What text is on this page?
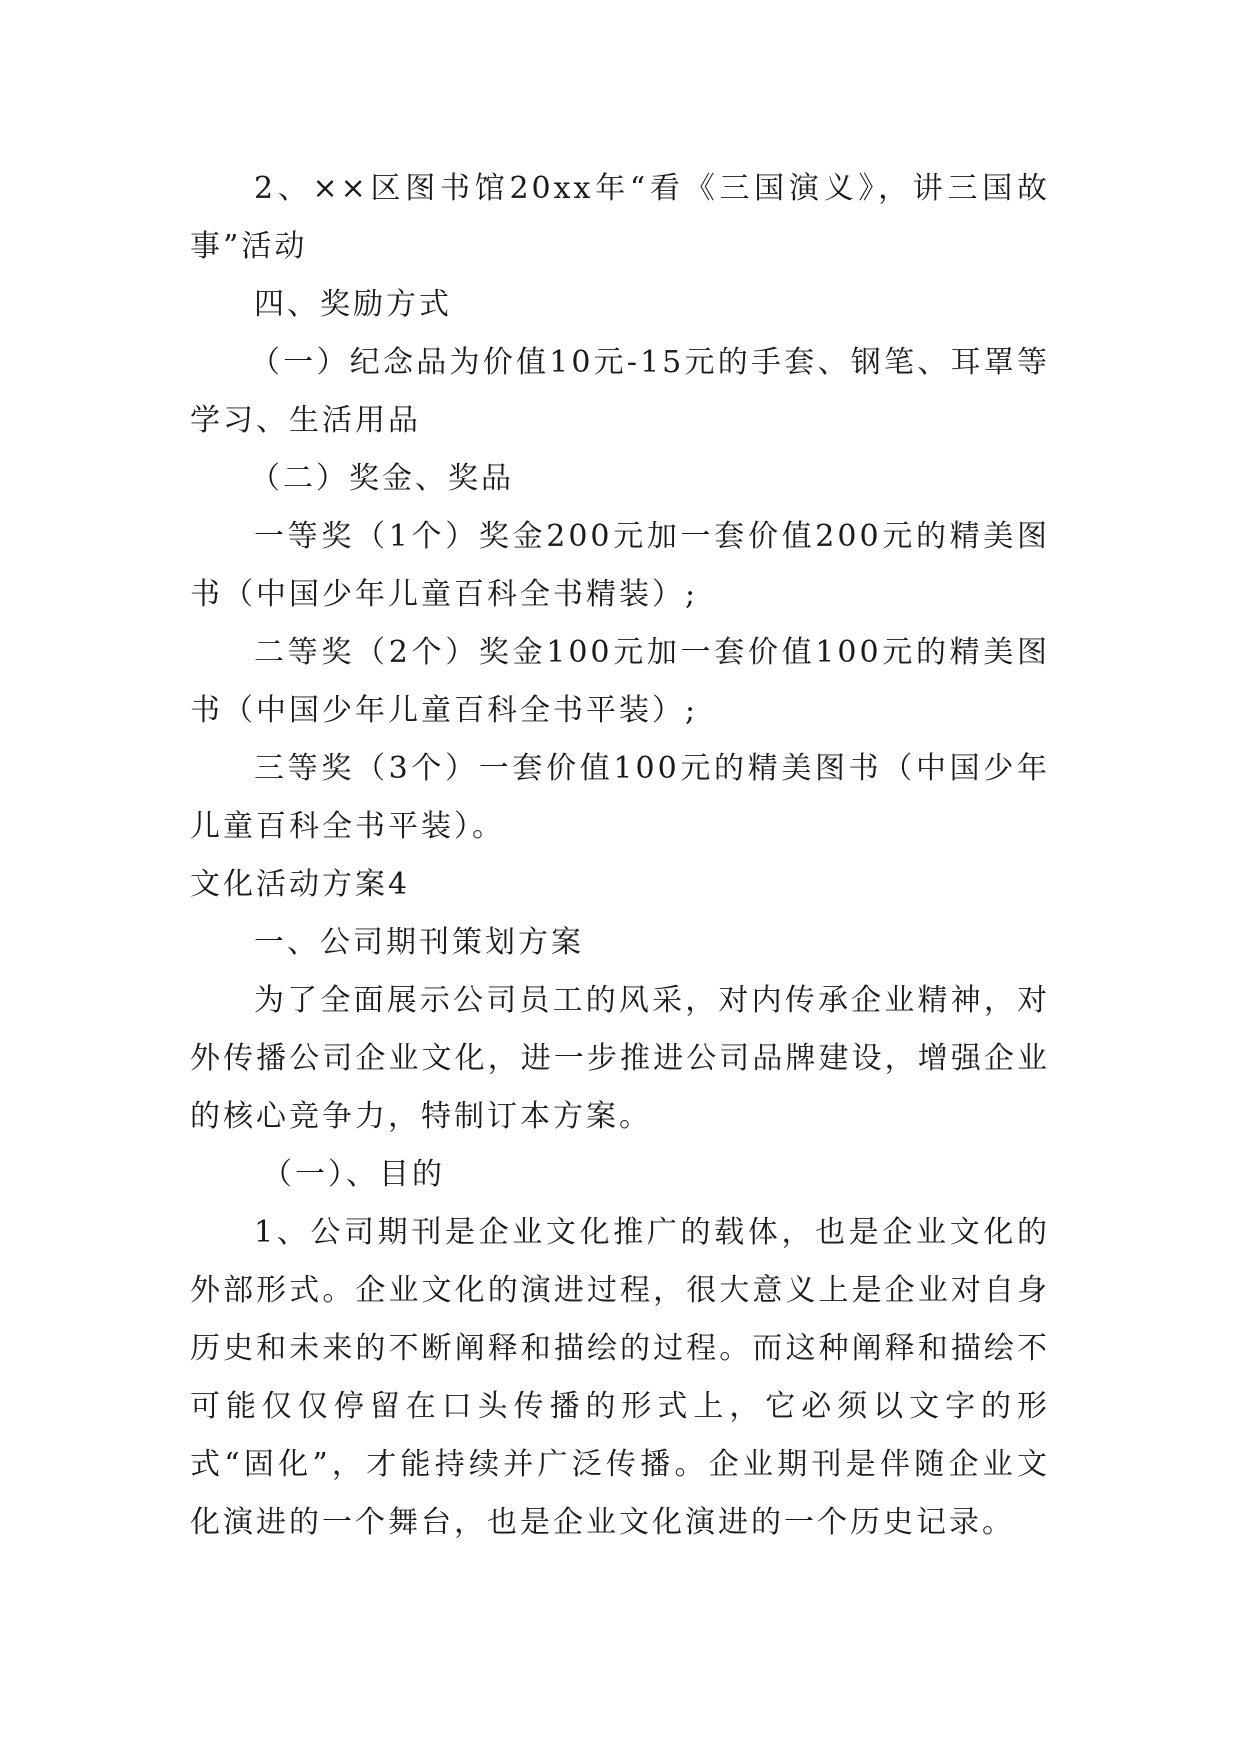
2、××区图书馆20xx年“看《三国演义》，讲三国故事”活动

四、奖励方式

（一）纪念品为价值10元-15元的手套、钢笔、耳罩等学习、生活用品

（二）奖金、奖品

一等奖（1个）奖金200元加一套价值200元的精美图书（中国少年儿童百科全书精装）;

二等奖（2个）奖金100元加一套价值100元的精美图书（中国少年儿童百科全书平装）;

三等奖（3个）一套价值100元的精美图书（中国少年儿童百科全书平装）。

文化活动方案4

一、公司期刊策划方案

为了全面展示公司员工的风采，对内传承企业精神，对外传播公司企业文化，进一步推进公司品牌建设，增强企业的核心竞争力，特制订本方案。

（一）、目的

1、公司期刊是企业文化推广的载体，也是企业文化的外部形式。企业文化的演进过程，很大意义上是企业对自身历史和未来的不断阐释和描绘的过程。而这种阐释和描绘不可能仅仅停留在口头传播的形式上，它必须以文字的形式“固化”，才能持续并广泛传播。企业期刊是伴随企业文化演进的一个舞台，也是企业文化演进的一个历史记录。
